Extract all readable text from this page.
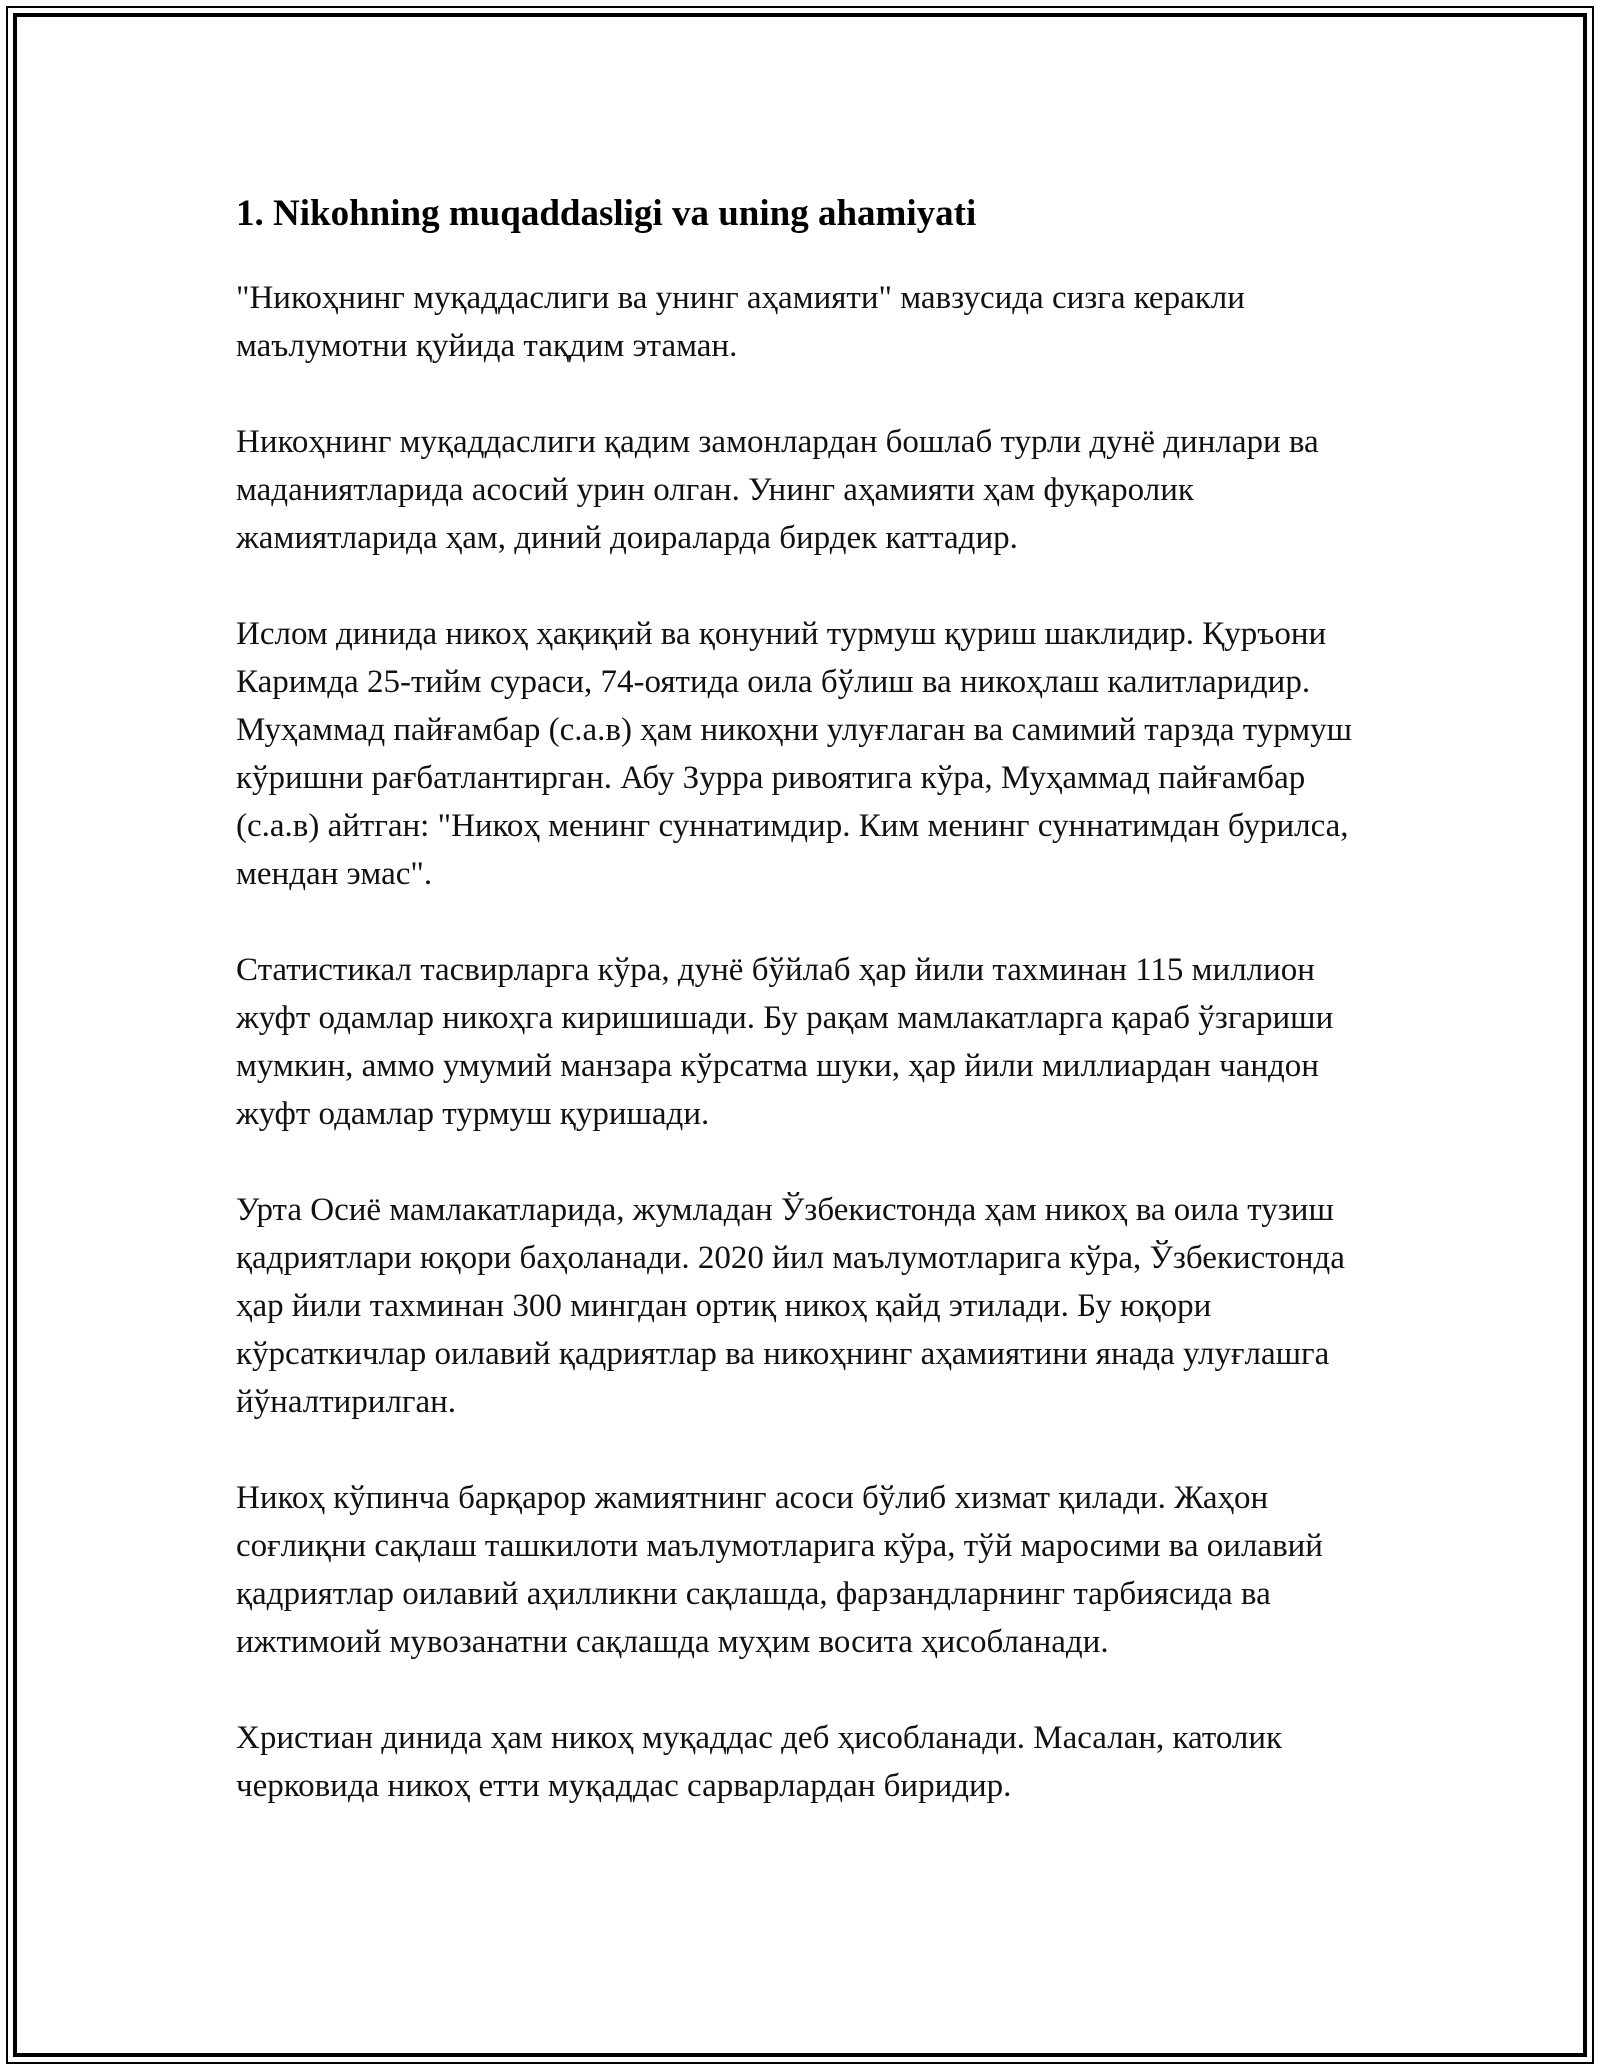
1. Nikohning muqaddasligi va uning ahamiyati

"Никоҳнинг муқаддаслиги ва унинг аҳамияти" мавзусида сизга керакли маълумотни қуйида тақдим этаман.

Никоҳнинг муқаддаслиги қадим замонлардан бошлаб турли дунё динлари ва маданиятларида асосий урин олган. Унинг аҳамияти ҳам фуқаролик жамиятларида ҳам, диний доираларда бирдек каттадир.

Ислом динида никоҳ ҳақиқий ва қонуний турмуш қуриш шаклидир. Қуръони Каримда 25-тийм сураси, 74-оятида оила бўлиш ва никоҳлаш калитларидир. Муҳаммад пайғамбар (с.а.в) ҳам никоҳни улуғлаган ва самимий тарзда турмуш кўришни рағбатлантирган. Абу Зурра ривоятига кўра, Муҳаммад пайғамбар (с.а.в) айтган: "Никоҳ менинг суннатимдир. Ким менинг суннатимдан бурилса, мендан эмас".

Статистикал тасвирларга кўра, дунё бўйлаб ҳар йили тахминан 115 миллион жуфт одамлар никоҳга киришишади. Бу рақам мамлакатларга қараб ўзгариши мумкин, аммо умумий манзара кўрсатма шуки, ҳар йили миллиардан чандон жуфт одамлар турмуш қуришади.

Урта Осиё мамлакатларида, жумладан Ўзбекистонда ҳам никоҳ ва оила тузиш қадриятлари юқори баҳоланади. 2020 йил маълумотларига кўра, Ўзбекистонда ҳар йили тахминан 300 мингдан ортиқ никоҳ қайд этилади. Бу юқори кўрсаткичлар оилавий қадриятлар ва никоҳнинг аҳамиятини янада улуғлашга йўналтирилган.

Никоҳ кўпинча барқарор жамиятнинг асоси бўлиб хизмат қилади. Жаҳон соғлиқни сақлаш ташкилоти маълумотларига кўра, тўй маросими ва оилавий қадриятлар оилавий аҳилликни сақлашда, фарзандларнинг тарбиясида ва ижтимоий мувозанатни сақлашда муҳим восита ҳисобланади.

Христиан динида ҳам никоҳ муқаддас деб ҳисобланади. Масалан, католик черковида никоҳ етти муқаддас сарварлардан биридир.
